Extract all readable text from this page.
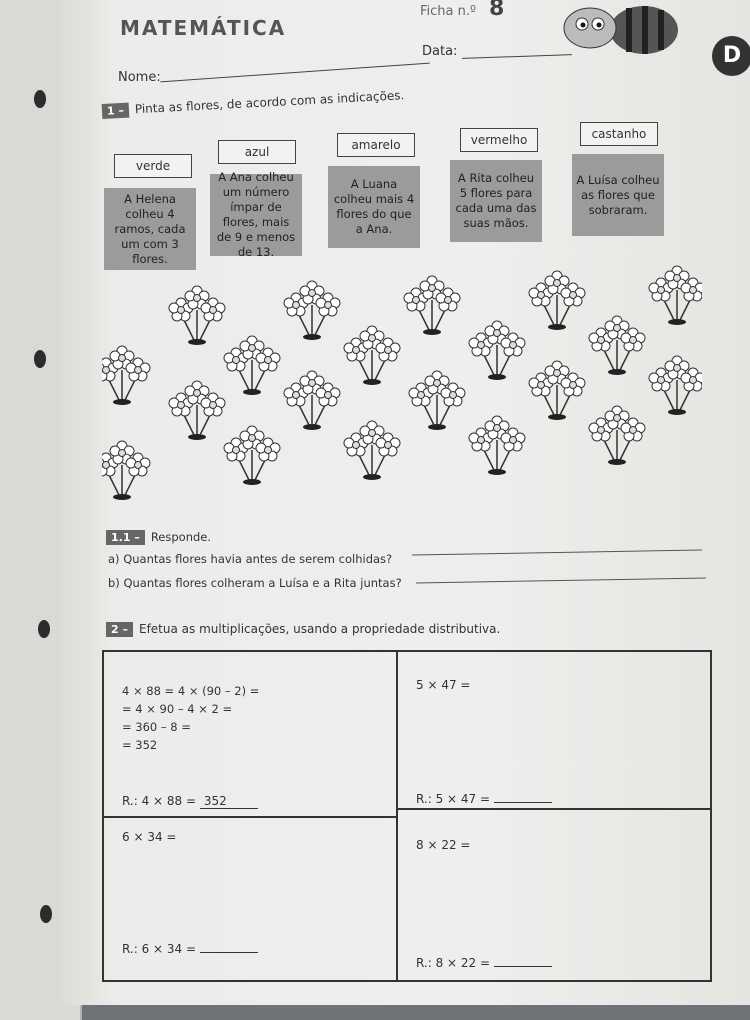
MATEMÁTICA
Ficha n.º 8
D
Data:
Nome:
1 – Pinta as flores, de acordo com as indicações.
verde
azul	amarelo	vermelho	castanho
A Helena colheu 4 ramos, cada um com 3 flores.
A Ana colheu um número ímpar de flores, mais de 9 e menos de 13.
A Luana colheu mais 4 flores do que a Ana.
A Rita colheu 5 flores para cada uma das suas mãos.
A Luísa colheu as flores que sobraram.
1.1 – Responde.
a) Quantas flores havia antes de serem colhidas?
b) Quantas flores colheram a Luísa e a Rita juntas?
2 – Efetua as multiplicações, usando a propriedade distributiva.
4 × 88 = 4 × (90 – 2) =
= 4 × 90 – 4 × 2 =
= 360 – 8 =
= 352
R.: 4 × 88 = 352
5 × 47 =
R.: 5 × 47 =
6 × 34 =
R.: 6 × 34 =
8 × 22 =
R.: 8 × 22 =
